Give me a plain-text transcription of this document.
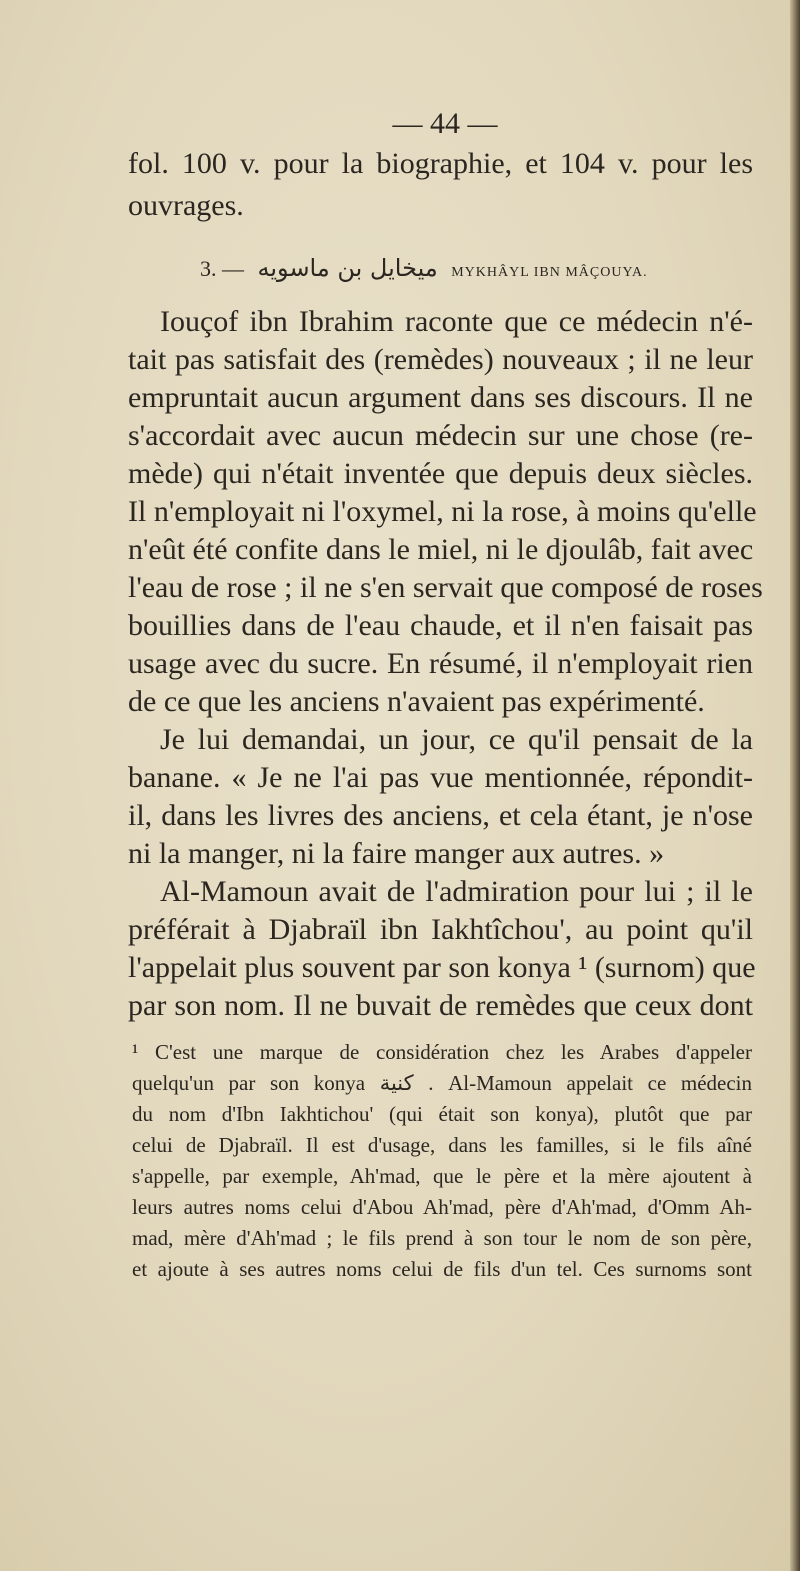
— 44 —
fol. 100 v. pour la biographie, et 104 v. pour les
ouvrages.
3. — ميخايل بن ماسويه MYKHÂYL IBN MÂÇOUYA.
Iouçof ibn Ibrahim raconte que ce médecin n'é-
tait pas satisfait des (remèdes) nouveaux ; il ne leur
empruntait aucun argument dans ses discours. Il ne
s'accordait avec aucun médecin sur une chose (re-
mède) qui n'était inventée que depuis deux siècles.
Il n'employait ni l'oxymel, ni la rose, à moins qu'elle
n'eût été confite dans le miel, ni le djoulâb, fait avec
l'eau de rose ; il ne s'en servait que composé de roses
bouillies dans de l'eau chaude, et il n'en faisait pas
usage avec du sucre. En résumé, il n'employait rien
de ce que les anciens n'avaient pas expérimenté.
Je lui demandai, un jour, ce qu'il pensait de la
banane. « Je ne l'ai pas vue mentionnée, répondit-
il, dans les livres des anciens, et cela étant, je n'ose
ni la manger, ni la faire manger aux autres. »
Al-Mamoun avait de l'admiration pour lui ; il le
préférait à Djabraïl ibn Iakhtîchou', au point qu'il
l'appelait plus souvent par son konya ¹ (surnom) que
par son nom. Il ne buvait de remèdes que ceux dont
¹ C'est une marque de considération chez les Arabes d'appeler
quelqu'un par son konya كنية . Al-Mamoun appelait ce médecin
du nom d'Ibn Iakhtichou' (qui était son konya), plutôt que par
celui de Djabraïl. Il est d'usage, dans les familles, si le fils aîné
s'appelle, par exemple, Ah'mad, que le père et la mère ajoutent à
leurs autres noms celui d'Abou Ah'mad, père d'Ah'mad, d'Omm Ah-
mad, mère d'Ah'mad ; le fils prend à son tour le nom de son père,
et ajoute à ses autres noms celui de fils d'un tel. Ces surnoms sont
